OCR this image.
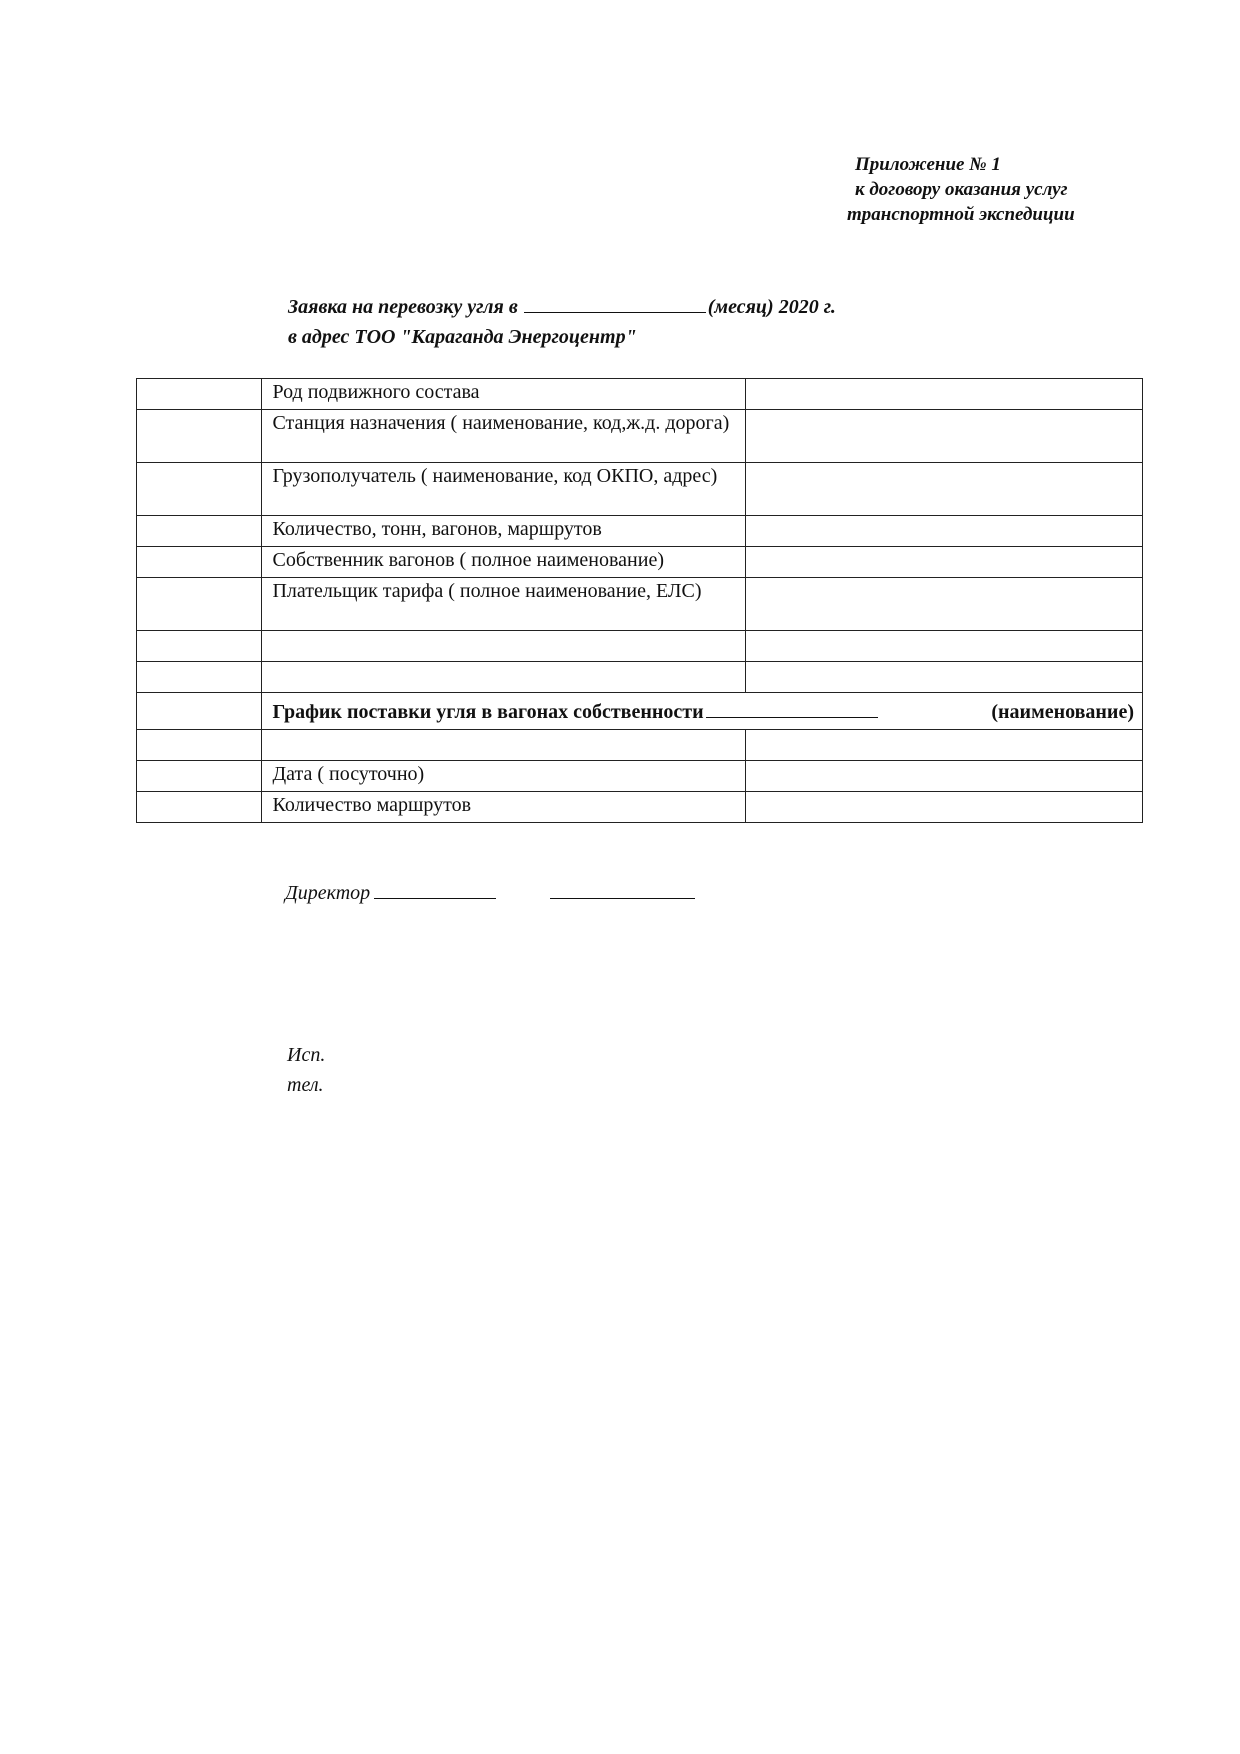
Приложение № 1
к договору оказания услуг
транспортной экспедиции
Заявка на перевозку угля в	(месяц) 2020 г.
в адрес ТОО "Караганда Энергоцентр"
	Род подвижного состава	
	Станция назначения ( наименование, код,ж.д. дорога)	
	Грузополучатель ( наименование, код ОКПО, адрес)	
	Количество, тонн, вагонов, маршрутов	
	Собственник вагонов ( полное наименование)	
	Плательщик тарифа ( полное наименование, ЕЛС)	

	График поставки угля в вагонах собственности (наименование)	

	Дата ( посуточно)	
	Количество маршрутов	
Директор
Исп.
тел.
